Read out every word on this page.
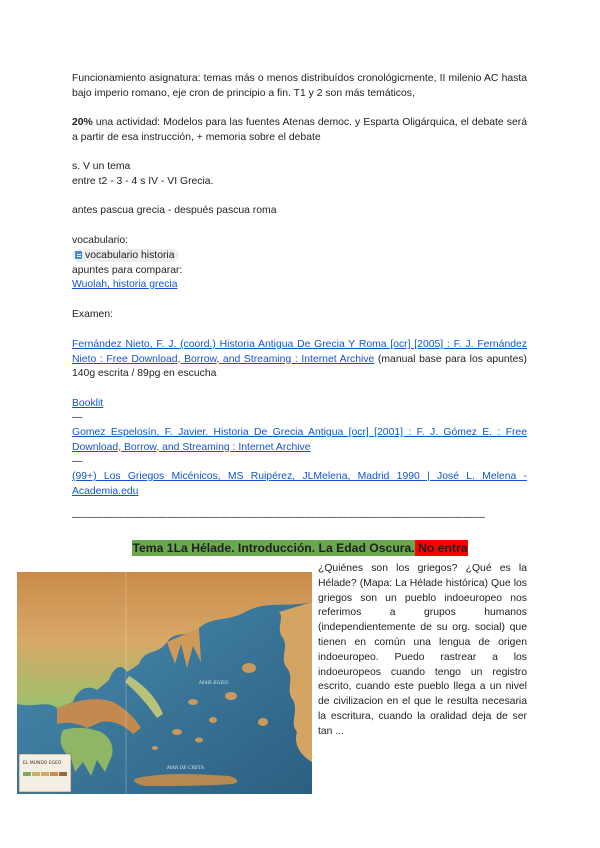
Funcionamiento asignatura: temas más o menos distribuídos cronológicmente, II milenio AC hasta bajo imperio romano, eje cron de principio a fin. T1 y 2 son más temáticos,

20% una actividad: Modelos para las fuentes Atenas democ. y Esparta Oligárquica, el debate será a partir de esa instrucción, + memoria sobre el debate

s. V un tema
entre t2 - 3 - 4 s IV - VI Grecia.

antes pascua grecia - después pascua roma

vocabulario:

vocabulario historia

apuntes para comparar:

Wuolah, historia grecia

Examen:

Fernández Nieto, F. J. (coord.) Historia Antigua De Grecia Y Roma [ocr] [2005] : F. J. Fernández Nieto : Free Download, Borrow, and Streaming : Internet Archive (manual base para los apuntes) 140g escrita / 89pg en escucha

Booklit

—

Gomez Espelosín, F. Javier. Historia De Grecia Antigua [ocr] [2001] : F. J. Gómez E. : Free Download, Borrow, and Streaming : Internet Archive

—

(99+) Los Griegos Micénicos, MS Ruipérez, JLMelena, Madrid 1990 | José L. Melena - Academia.edu

———————————————————————————————————————
Tema 1La Hélade. Introducción. La Edad Oscura. No entra
EL MUNDO EGEO
MAR EGEO
MAR DE CRETA

¿Quiénes son los griegos? ¿Qué es la Hélade? (Mapa: La Hélade histórica) Que los griegos son un pueblo indoeuropeo nos referimos a grupos humanos (independientemente de su org. social) que tienen en común una lengua de origen indoeuropeo. Puedo rastrear a los indoeuropeos cuando tengo un registro escrito, cuando este pueblo llega a un nivel de civilizacion en el que le resulta necesaria la escritura, cuando la oralidad deja de ser tan ...
